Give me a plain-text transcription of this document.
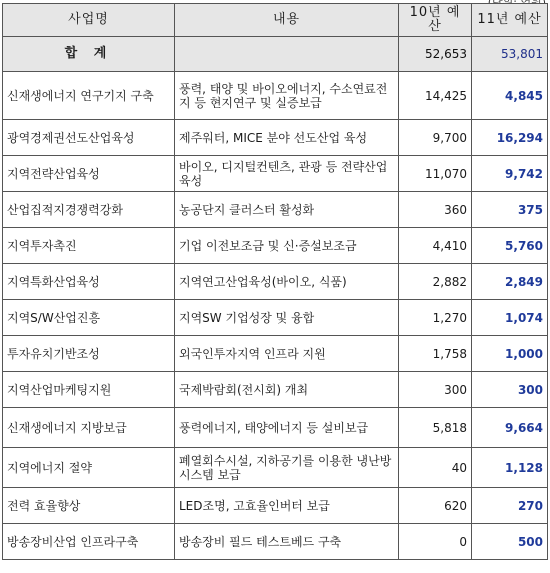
사업명	내용	10년 예산	11년 예산
합 계		52,653	53,801
신재생에너지 연구기지 구축	풍력, 태양 및 바이오에너지, 수소연료전지 등 현지연구 및 실증보급	14,425	4,845
광역경제권선도산업육성	제주워터, MICE 분야 선도산업 육성	9,700	16,294
지역전략산업육성	바이오, 디지털컨텐츠, 관광 등 전략산업육성	11,070	9,742
산업집적지경쟁력강화	농공단지 클러스터 활성화	360	375
지역투자촉진	기업 이전보조금 및 신·증설보조금	4,410	5,760
지역특화산업육성	지역연고산업육성(바이오, 식품)	2,882	2,849
지역S/W산업진흥	지역SW 기업성장 및 융합	1,270	1,074
투자유치기반조성	외국인투자지역 인프라 지원	1,758	1,000
지역산업마케팅지원	국제박람회(전시회) 개최	300	300
신재생에너지 지방보급	풍력에너지, 태양에너지 등 설비보급	5,818	9,664
지역에너지 절약	폐열회수시설, 지하공기를 이용한 냉난방시스템 보급	40	1,128
전력 효율향상	LED조명, 고효율인버터 보급	620	270
방송장비산업 인프라구축	방송장비 필드 테스트베드 구축	0	500
